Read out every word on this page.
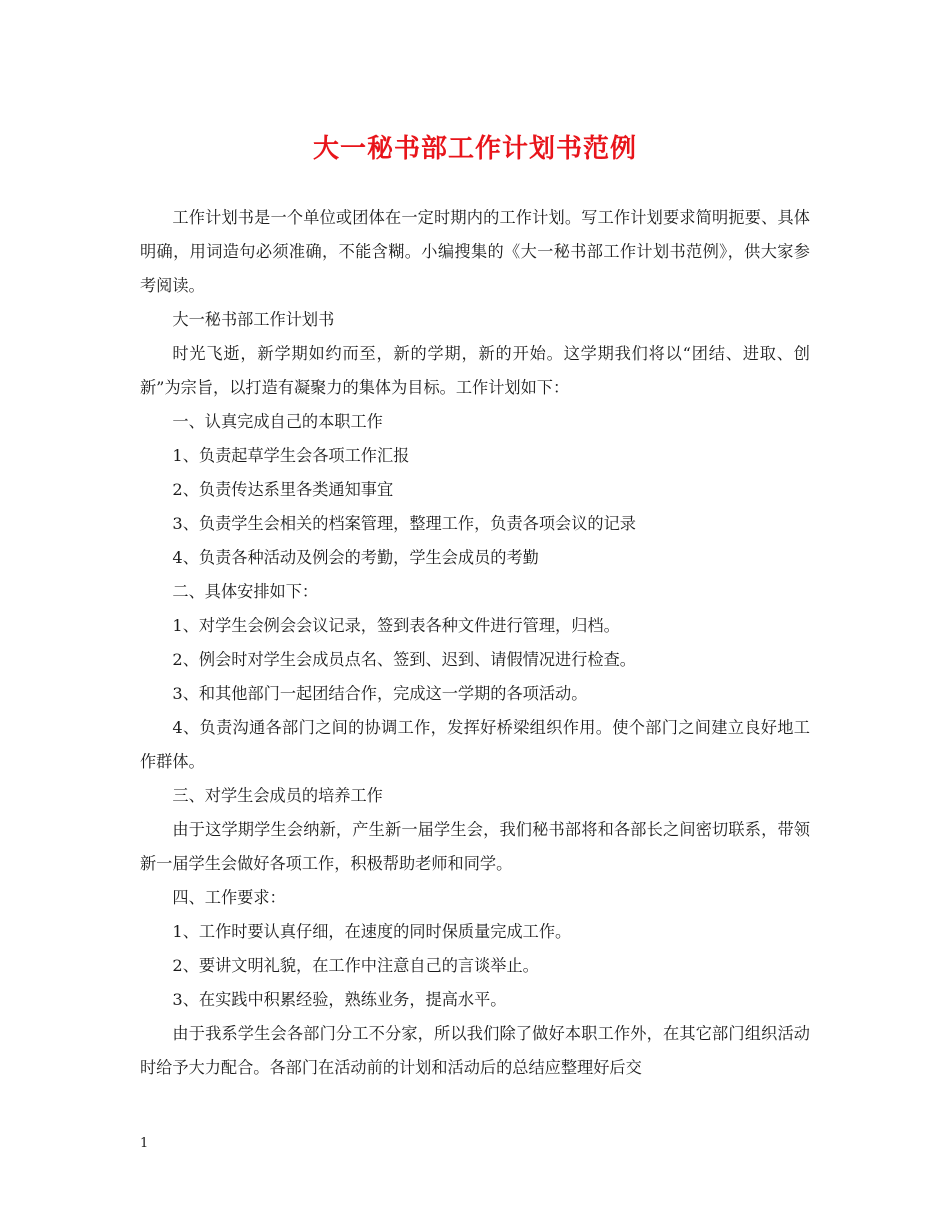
大一秘书部工作计划书范例

工作计划书是一个单位或团体在一定时期内的工作计划。写工作计划要求简明扼要、具体明确，用词造句必须准确，不能含糊。小编搜集的《大一秘书部工作计划书范例》，供大家参考阅读。

大一秘书部工作计划书

时光飞逝，新学期如约而至，新的学期，新的开始。这学期我们将以“团结、进取、创新”为宗旨，以打造有凝聚力的集体为目标。工作计划如下：

一、认真完成自己的本职工作

1、负责起草学生会各项工作汇报

2、负责传达系里各类通知事宜

3、负责学生会相关的档案管理，整理工作，负责各项会议的记录

4、负责各种活动及例会的考勤，学生会成员的考勤

二、具体安排如下：

1、对学生会例会会议记录，签到表各种文件进行管理，归档。

2、例会时对学生会成员点名、签到、迟到、请假情况进行检查。

3、和其他部门一起团结合作，完成这一学期的各项活动。

4、负责沟通各部门之间的协调工作，发挥好桥梁组织作用。使个部门之间建立良好地工作群体。

三、对学生会成员的培养工作

由于这学期学生会纳新，产生新一届学生会，我们秘书部将和各部长之间密切联系，带领新一届学生会做好各项工作，积极帮助老师和同学。

四、工作要求：

1、工作时要认真仔细，在速度的同时保质量完成工作。

2、要讲文明礼貌，在工作中注意自己的言谈举止。

3、在实践中积累经验，熟练业务，提高水平。

由于我系学生会各部门分工不分家，所以我们除了做好本职工作外，在其它部门组织活动时给予大力配合。各部门在活动前的计划和活动后的总结应整理好后交

1
